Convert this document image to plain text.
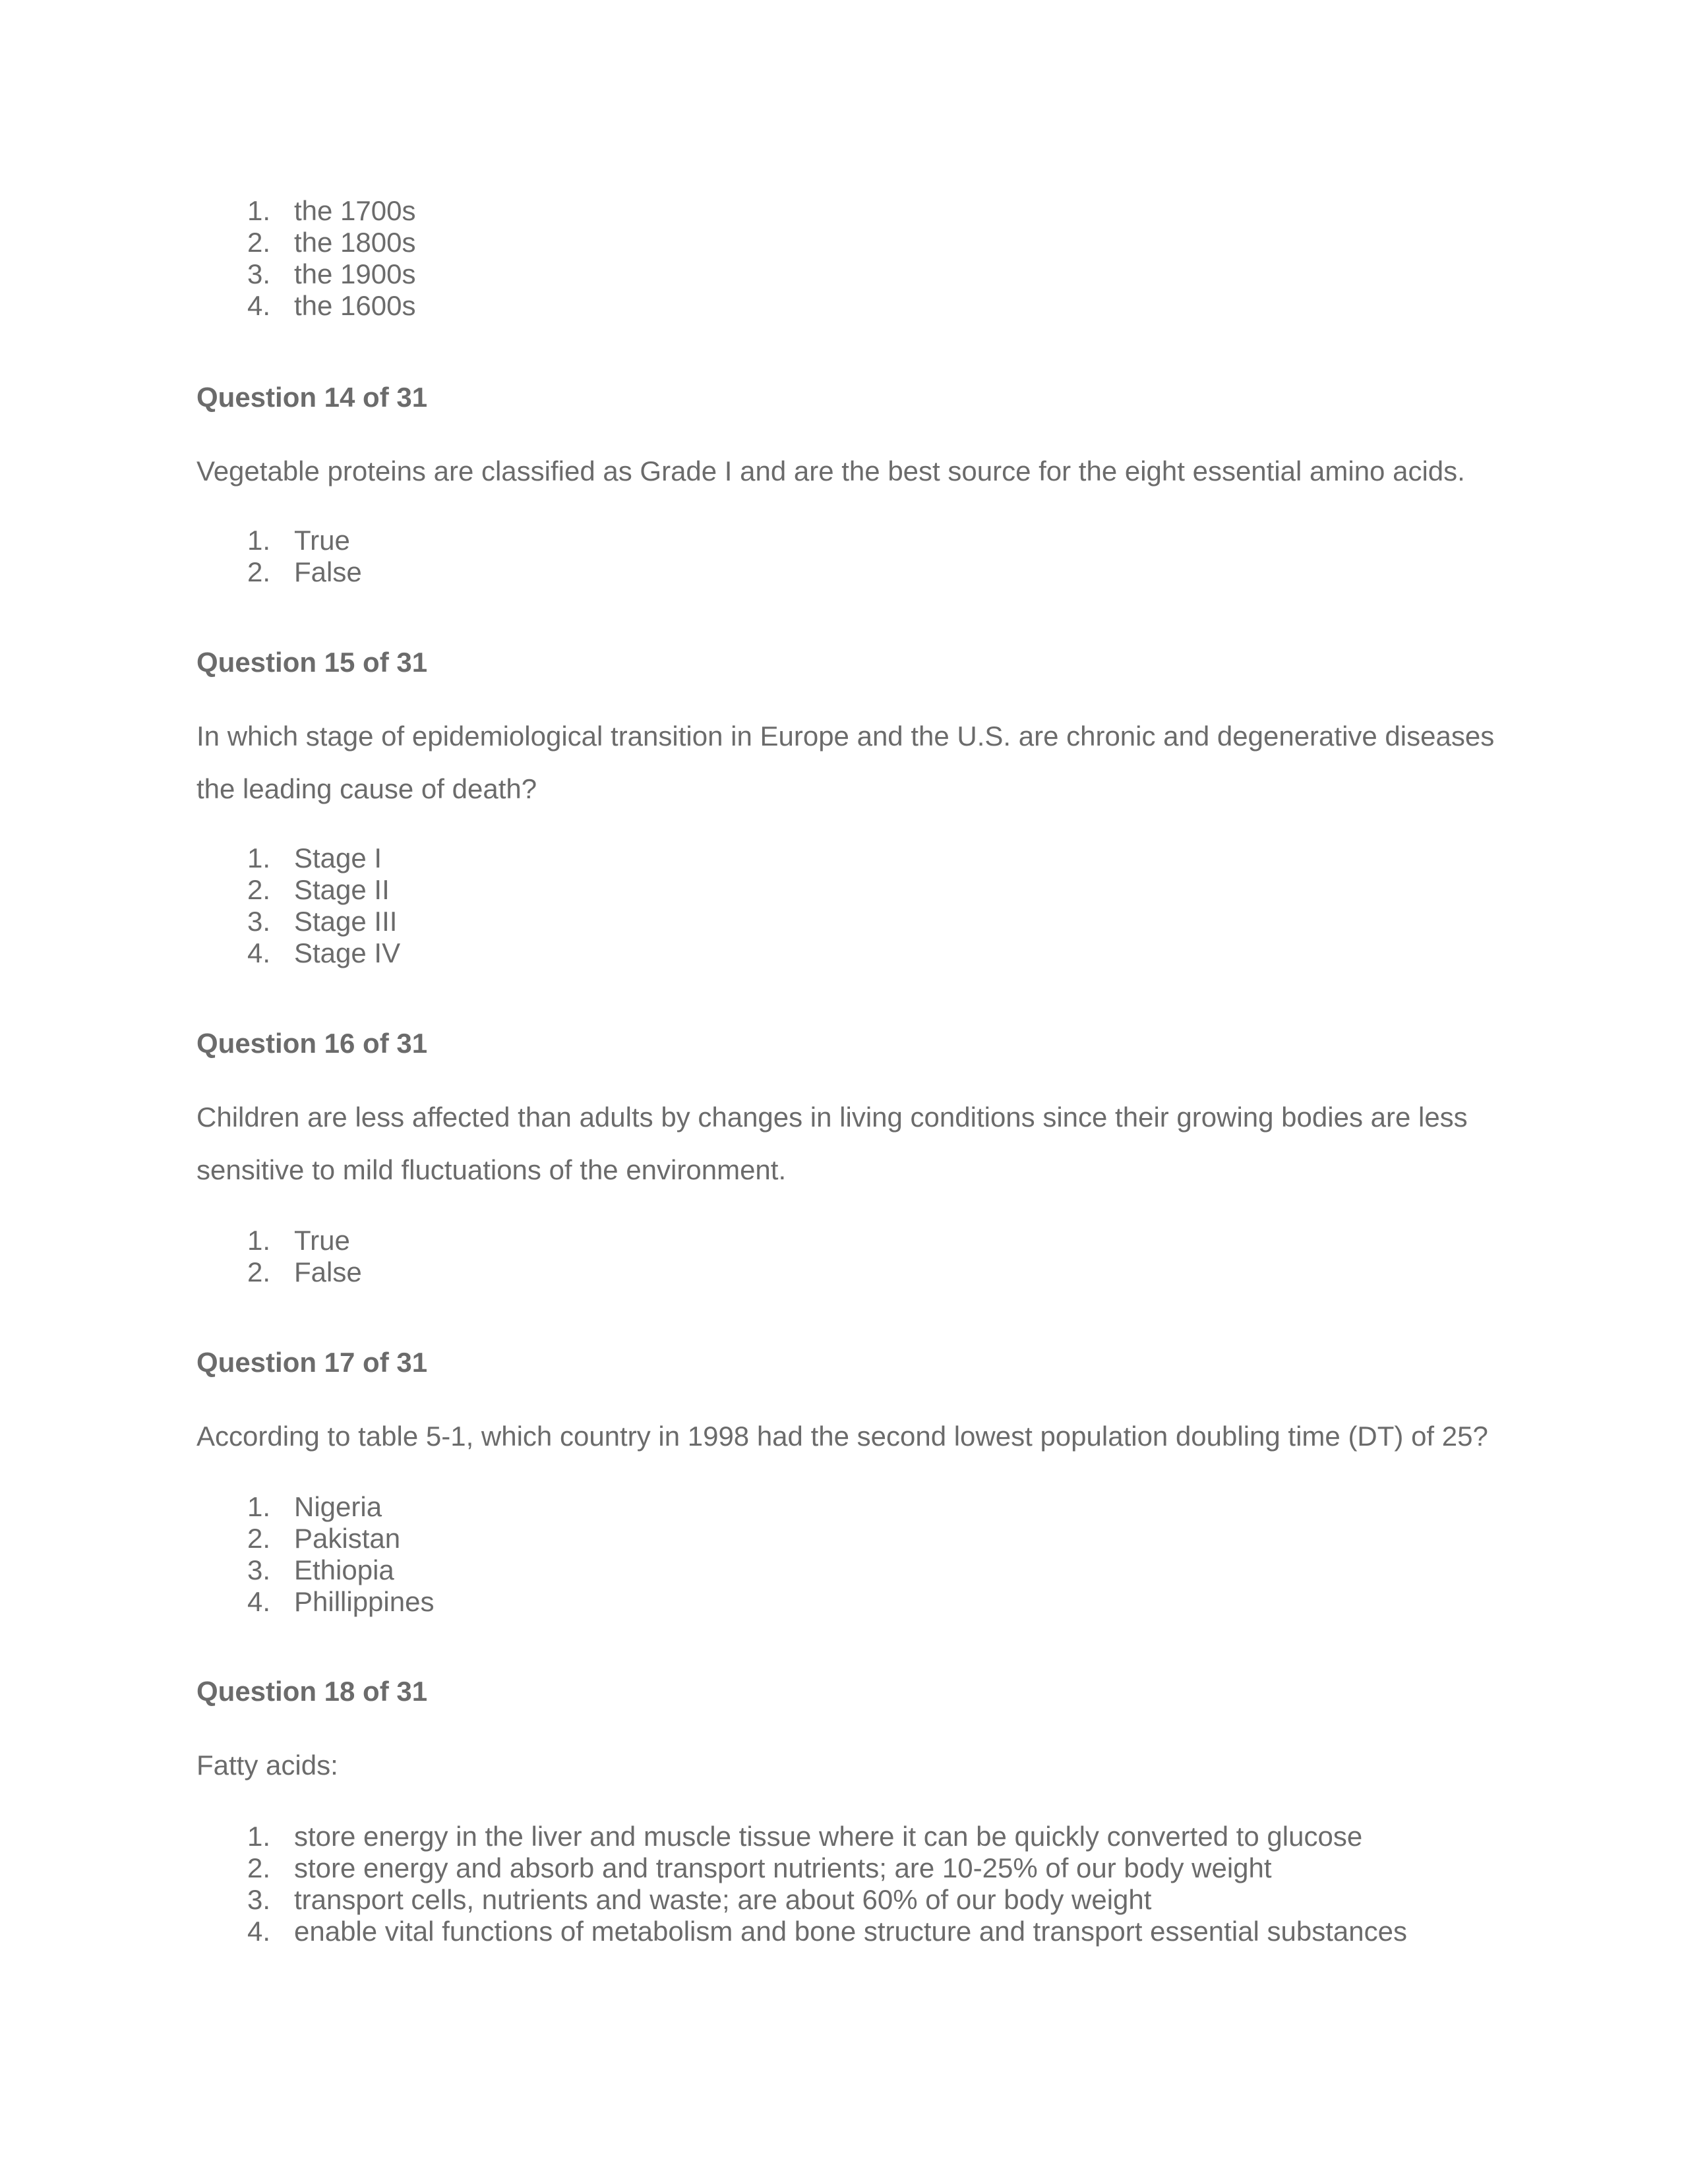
1. the 1700s
2. the 1800s
3. the 1900s
4. the 1600s
Question 14 of 31
Vegetable proteins are classified as Grade I and are the best source for the eight essential amino acids.
1. True
2. False
Question 15 of 31
In which stage of epidemiological transition in Europe and the U.S. are chronic and degenerative diseases the leading cause of death?
1. Stage I
2. Stage II
3. Stage III
4. Stage IV
Question 16 of 31
Children are less affected than adults by changes in living conditions since their growing bodies are less sensitive to mild fluctuations of the environment.
1. True
2. False
Question 17 of 31
According to table 5-1, which country in 1998 had the second lowest population doubling time (DT) of 25?
1. Nigeria
2. Pakistan
3. Ethiopia
4. Phillippines
Question 18 of 31
Fatty acids:
1. store energy in the liver and muscle tissue where it can be quickly converted to glucose
2. store energy and absorb and transport nutrients; are 10-25% of our body weight
3. transport cells, nutrients and waste; are about 60% of our body weight
4. enable vital functions of metabolism and bone structure and transport essential substances
